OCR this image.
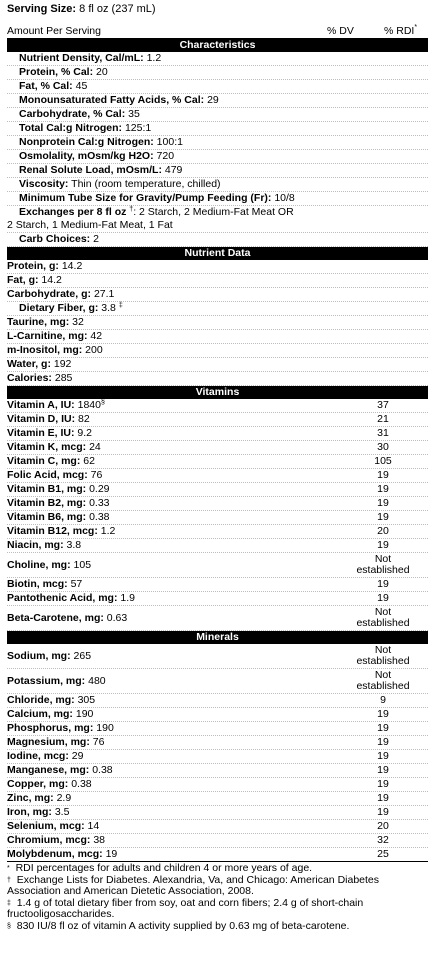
Serving Size: 8 fl oz (237 mL)
Amount Per Serving	% DV	% RDI*
Characteristics
Nutrient Density, Cal/mL: 1.2
Protein, % Cal: 20
Fat, % Cal: 45
Monounsaturated Fatty Acids, % Cal: 29
Carbohydrate, % Cal: 35
Total Cal:g Nitrogen: 125:1
Nonprotein Cal:g Nitrogen: 100:1
Osmolality, mOsm/kg H2O: 720
Renal Solute Load, mOsm/L: 479
Viscosity: Thin (room temperature, chilled)
Minimum Tube Size for Gravity/Pump Feeding (Fr): 10/8
Exchanges per 8 fl oz †: 2 Starch, 2 Medium-Fat Meat OR
2 Starch, 1 Medium-Fat Meat, 1 Fat
Carb Choices: 2
Nutrient Data
Protein, g: 14.2
Fat, g: 14.2
Carbohydrate, g: 27.1
Dietary Fiber, g: 3.8 ‡
Taurine, mg: 32
L-Carnitine, mg: 42
m-Inositol, mg: 200
Water, g: 192
Calories: 285
Vitamins
Vitamin A, IU: 1840§	37
Vitamin D, IU: 82	21
Vitamin E, IU: 9.2	31
Vitamin K, mcg: 24	30
Vitamin C, mg: 62	105
Folic Acid, mcg: 76	19
Vitamin B1, mg: 0.29	19
Vitamin B2, mg: 0.33	19
Vitamin B6, mg: 0.38	19
Vitamin B12, mcg: 1.2	20
Niacin, mg: 3.8	19
Choline, mg: 105	Not
established
Biotin, mcg: 57	19
Pantothenic Acid, mg: 1.9	19
Beta-Carotene, mg: 0.63	Not
established
Minerals
Sodium, mg: 265	Not
established
Potassium, mg: 480	Not
established
Chloride, mg: 305	9
Calcium, mg: 190	19
Phosphorus, mg: 190	19
Magnesium, mg: 76	19
Iodine, mcg: 29	19
Manganese, mg: 0.38	19
Copper, mg: 0.38	19
Zinc, mg: 2.9	19
Iron, mg: 3.5	19
Selenium, mcg: 14	20
Chromium, mcg: 38	32
Molybdenum, mcg: 19	25
* RDI percentages for adults and children 4 or more years of age.
† Exchange Lists for Diabetes. Alexandria, Va, and Chicago: American Diabetes Association and American Dietetic Association, 2008.
‡ 1.4 g of total dietary fiber from soy, oat and corn fibers; 2.4 g of short-chain fructooligosaccharides.
§ 830 IU/8 fl oz of vitamin A activity supplied by 0.63 mg of beta-carotene.
